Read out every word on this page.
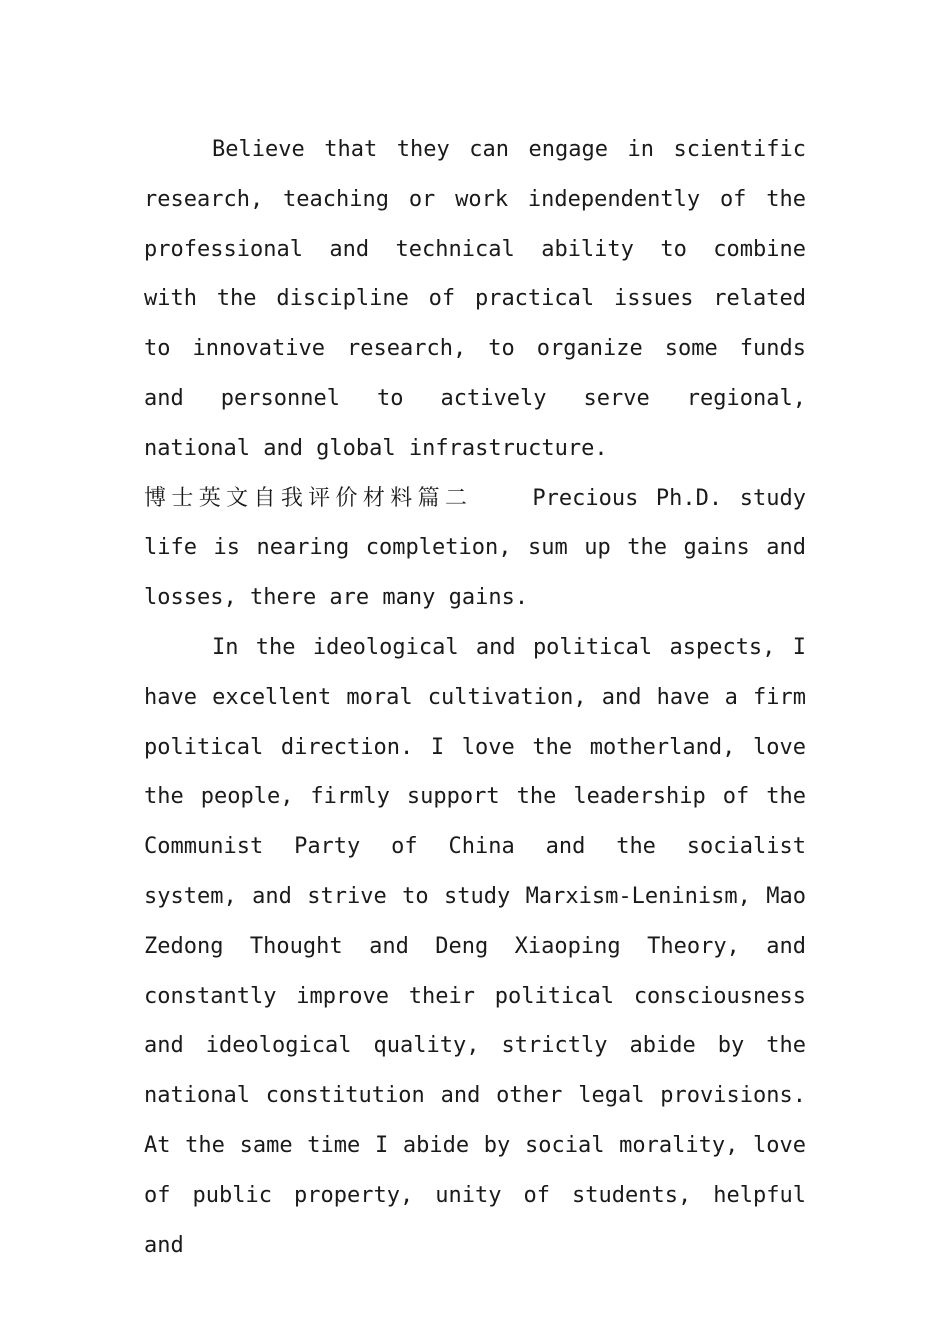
Believe that they can engage in scientific research, teaching or work independently of the professional and technical ability to combine with the discipline of practical issues related to innovative research, to organize some funds and personnel to actively serve regional, national and global infrastructure.

博士英文自我评价材料篇二	Precious Ph.D. study life is nearing completion, sum up the gains and losses, there are many gains.

In the ideological and political aspects, I have excellent moral cultivation, and have a firm political direction. I love the motherland, love the people, firmly support the leadership of the Communist Party of China and the socialist system, and strive to study Marxism-Leninism, Mao Zedong Thought and Deng Xiaoping Theory, and constantly improve their political consciousness and ideological quality, strictly abide by the national constitution and other legal provisions. At the same time I abide by social morality, love of public property, unity of students, helpful and
